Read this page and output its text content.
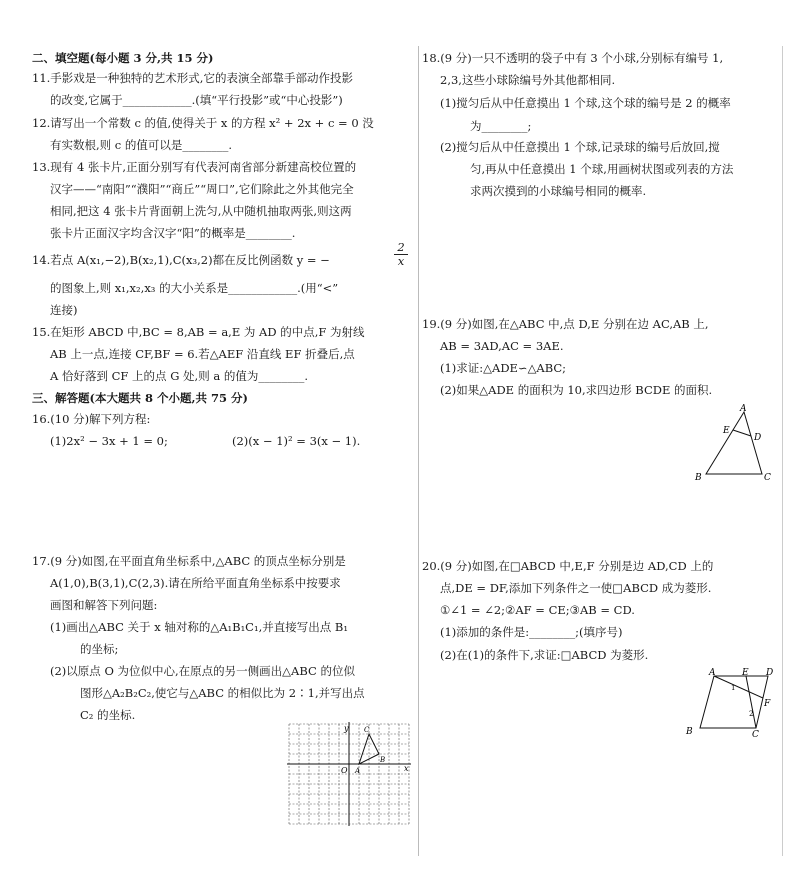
二、填空题(每小题 3 分,共 15 分)
11.手影戏是一种独特的艺术形式,它的表演全部靠手部动作投影
的改变,它属于____________.(填“平行投影”或“中心投影”)
12.请写出一个常数 c 的值,使得关于 x 的方程 x² + 2x + c = 0 没
有实数根,则 c 的值可以是________.
13.现有 4 张卡片,正面分别写有代表河南省部分新建高校位置的
汉字——“南阳”“濮阳”“商丘”“周口”,它们除此之外其他完全
相同,把这 4 张卡片背面朝上洗匀,从中随机抽取两张,则这两
张卡片正面汉字均含汉字“阳”的概率是________.
14.若点 A(x₁,−2),B(x₂,1),C(x₃,2)都在反比例函数 y = −	$\frac{2}{x}$
的图象上,则 x₁,x₂,x₃ 的大小关系是____________.(用“<”
连接)
15.在矩形 ABCD 中,BC = 8,AB = a,E 为 AD 的中点,F 为射线
AB 上一点,连接 CF,BF = 6.若△AEF 沿直线 EF 折叠后,点
A 恰好落到 CF 上的点 G 处,则 a 的值为________.
三、解答题(本大题共 8 个小题,共 75 分)
16.(10 分)解下列方程:
(1)2x² − 3x + 1 = 0;	(2)(x − 1)² = 3(x − 1).
17.(9 分)如图,在平面直角坐标系中,△ABC 的顶点坐标分别是
A(1,0),B(3,1),C(2,3).请在所给平面直角坐标系中按要求
画图和解答下列问题:
(1)画出△ABC 关于 x 轴对称的△A₁B₁C₁,并直接写出点 B₁
的坐标;
(2)以原点 O 为位似中心,在原点的另一侧画出△ABC 的位似
图形△A₂B₂C₂,使它与△ABC 的相似比为 2∶1,并写出点
C₂ 的坐标.
y
x
O A
B
C
18.(9 分)一只不透明的袋子中有 3 个小球,分别标有编号 1,
2,3,这些小球除编号外其他都相同.
(1)搅匀后从中任意摸出 1 个球,这个球的编号是 2 的概率
为________;
(2)搅匀后从中任意摸出 1 个球,记录球的编号后放回,搅
匀,再从中任意摸出 1 个球,用画树状图或列表的方法
求两次摸到的小球编号相同的概率.
19.(9 分)如图,在△ABC 中,点 D,E 分别在边 AC,AB 上,
AB = 3AD,AC = 3AE.
(1)求证:△ADE∽△ABC;
(2)如果△ADE 的面积为 10,求四边形 BCDE 的面积.
20.(9 分)如图,在□ABCD 中,E,F 分别是边 AD,CD 上的
点,DE = DF,添加下列条件之一使□ABCD 成为菱形.
①∠1 = ∠2;②AF = CE;③AB = CD.
(1)添加的条件是:________;(填序号)
(2)在(1)的条件下,求证:□ABCD 为菱形.
A
E
D
B	C
A	E D
F
B	C
1
2
